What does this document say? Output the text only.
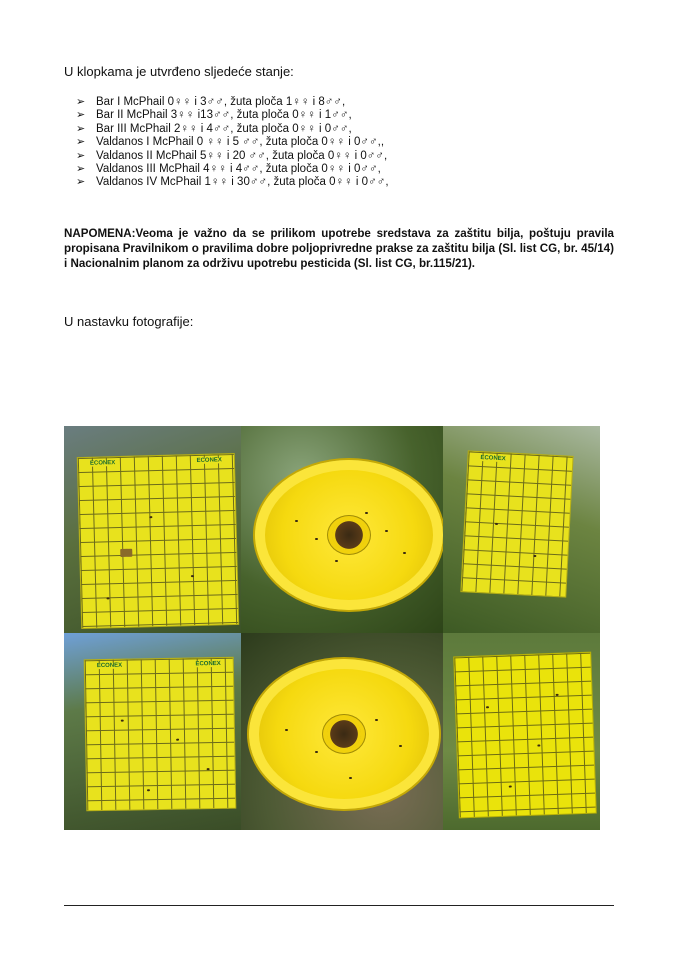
U klopkama je utvrđeno sljedeće stanje:
➢ Bar I McPhail 0♀♀ i 3♂♂, žuta ploča 1♀♀ i 8♂♂,
➢ Bar II McPhail 3♀♀ i13♂♂, žuta ploča 0♀♀ i 1♂♂,
➢ Bar III McPhail 2♀♀ i 4♂♂, žuta ploča 0♀♀ i 0♂♂,
➢ Valdanos I McPhail 0 ♀♀ i 5 ♂♂, žuta ploča 0♀♀ i 0♂♂,,
➢ Valdanos II McPhail 5♀♀ i 20 ♂♂, žuta ploča 0♀♀ i 0♂♂,
➢ Valdanos III McPhail 4♀♀ i 4♂♂, žuta ploča 0♀♀ i 0♂♂,
➢ Valdanos IV McPhail 1♀♀ i 30♂♂, žuta ploča 0♀♀ i 0♂♂,
NAPOMENA:Veoma je važno da se prilikom upotrebe sredstava za zaštitu bilja, poštuju pravila propisana Pravilnikom o pravilima dobre poljoprivredne prakse za zaštitu bilja (Sl. list CG, br. 45/14) i Nacionalnim planom za održivu upotrebu pesticida (Sl. list CG, br.115/21).
U nastavku fotografije:
ECONEX	ECONEX	ECONEX
ECONEX	ECONEX
